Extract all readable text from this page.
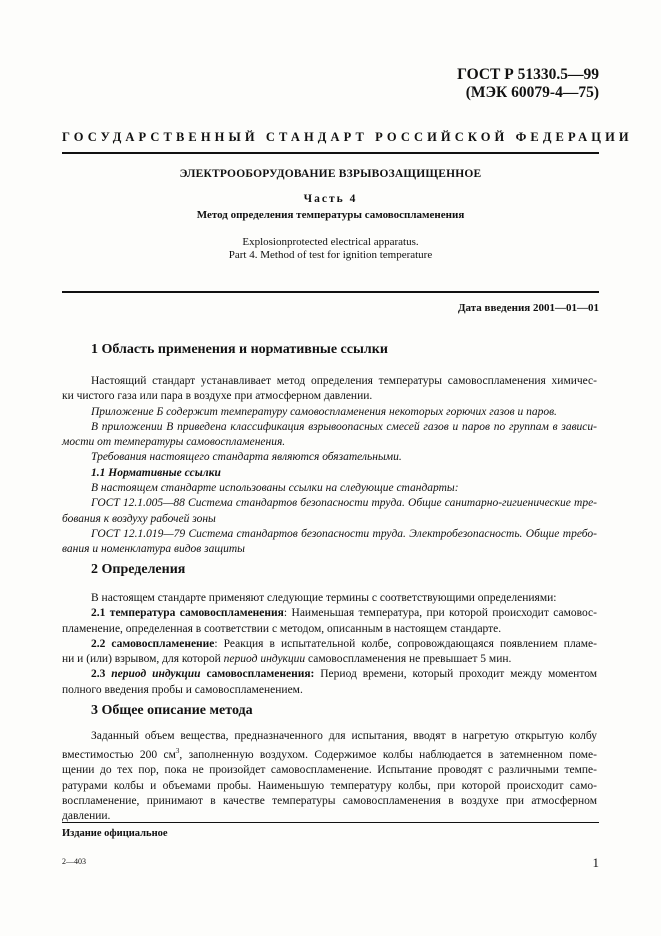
ГОСТ Р 51330.5—99
(МЭК 60079-4—75)
ГОСУДАРСТВЕННЫЙ СТАНДАРТ РОССИЙСКОЙ ФЕДЕРАЦИИ
ЭЛЕКТРООБОРУДОВАНИЕ ВЗРЫВОЗАЩИЩЕННОЕ
Часть 4
Метод определения температуры самовоспламенения
Explosionprotected electrical apparatus.
Part 4. Method of test for ignition temperature
Дата введения 2001—01—01
1 Область применения и нормативные ссылки

Настоящий стандарт устанавливает метод определения температуры самовоспламенения химичес-

ки чистого газа или пара в воздухе при атмосферном давлении.

Приложение Б содержит температуру самовоспламенения некоторых горючих газов и паров.

В приложении В приведена классификация взрывоопасных смесей газов и паров по группам в зависи-

мости от температуры самовоспламенения.

Требования настоящего стандарта являются обязательными.

1.1 Нормативные ссылки

В настоящем стандарте использованы ссылки на следующие стандарты:

ГОСТ 12.1.005—88 Система стандартов безопасности труда. Общие санитарно-гигиенические тре-

бования к воздуху рабочей зоны

ГОСТ 12.1.019—79 Система стандартов безопасности труда. Электробезопасность. Общие требо-

вания и номенклатура видов защиты

2 Определения

В настоящем стандарте применяют следующие термины с соответствующими определениями:

2.1 температура самовоспламенения: Наименьшая температура, при которой происходит самовос-

пламенение, определенная в соответствии с методом, описанным в настоящем стандарте.

2.2 самовоспламенение: Реакция в испытательной колбе, сопровождающаяся появлением пламе-

ни и (или) взрывом, для которой период индукции самовоспламенения не превышает 5 мин.

2.3 период индукции самовоспламенения: Период времени, который проходит между моментом

полного введения пробы и самовоспламенением.

3 Общее описание метода

Заданный объем вещества, предназначенного для испытания, вводят в нагретую открытую колбу

вместимостью 200 $см^3$, заполненную воздухом. Содержимое колбы наблюдается в затемненном поме-

щении до тех пор, пока не произойдет самовоспламенение. Испытание проводят с различными темпе-

ратурами колбы и объемами пробы. Наименьшую температуру колбы, при которой происходит само-

воспламенение, принимают в качестве температуры самовоспламенения в воздухе при атмосферном

давлении.

Издание официальное
2—403	1
